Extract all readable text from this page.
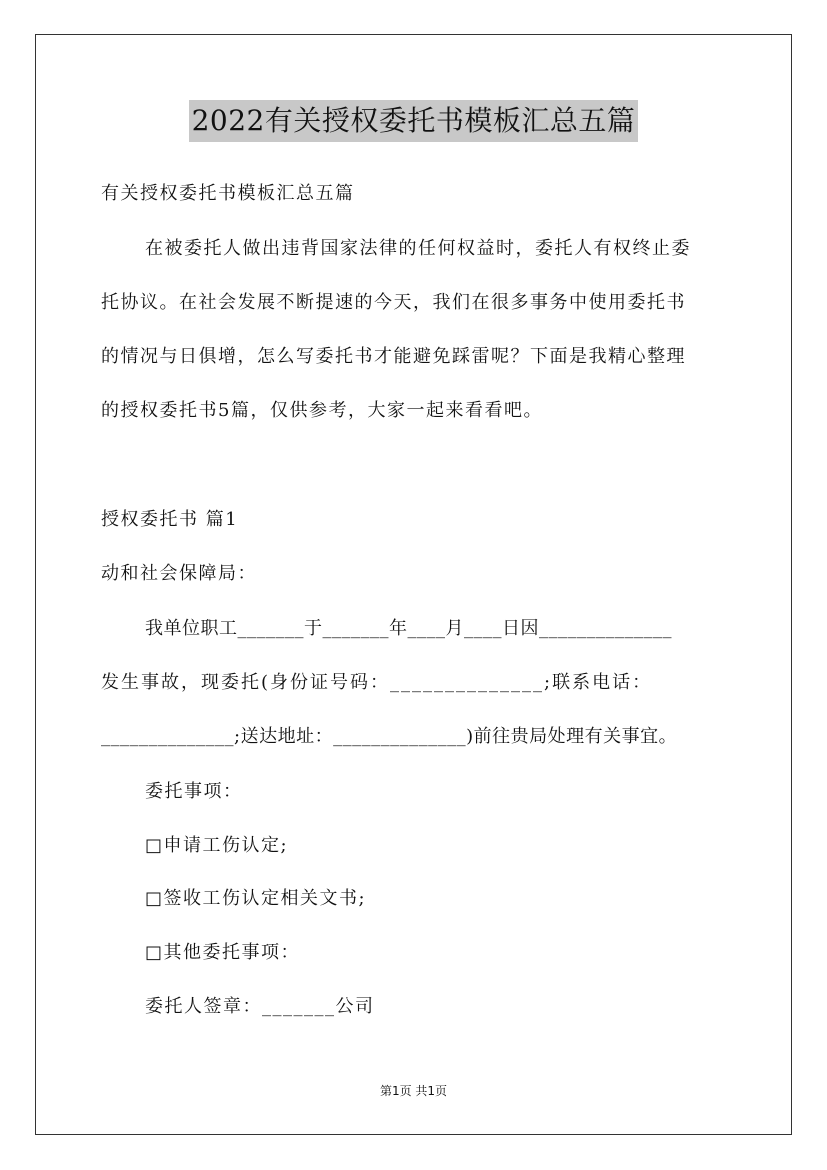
2022有关授权委托书模板汇总五篇
有关授权委托书模板汇总五篇
在被委托人做出违背国家法律的任何权益时，委托人有权终止委
托协议。在社会发展不断提速的今天，我们在很多事务中使用委托书
的情况与日俱增，怎么写委托书才能避免踩雷呢？下面是我精心整理
的授权委托书5篇，仅供参考，大家一起来看看吧。
授权委托书 篇1
动和社会保障局：
我单位职工_______于_______年____月____日因______________
发生事故，现委托(身份证号码：______________;联系电话：
______________;送达地址：______________)前往贵局处理有关事宜。
委托事项：
□申请工伤认定;
□签收工伤认定相关文书;
□其他委托事项：
委托人签章：_______公司
第1页 共1页
